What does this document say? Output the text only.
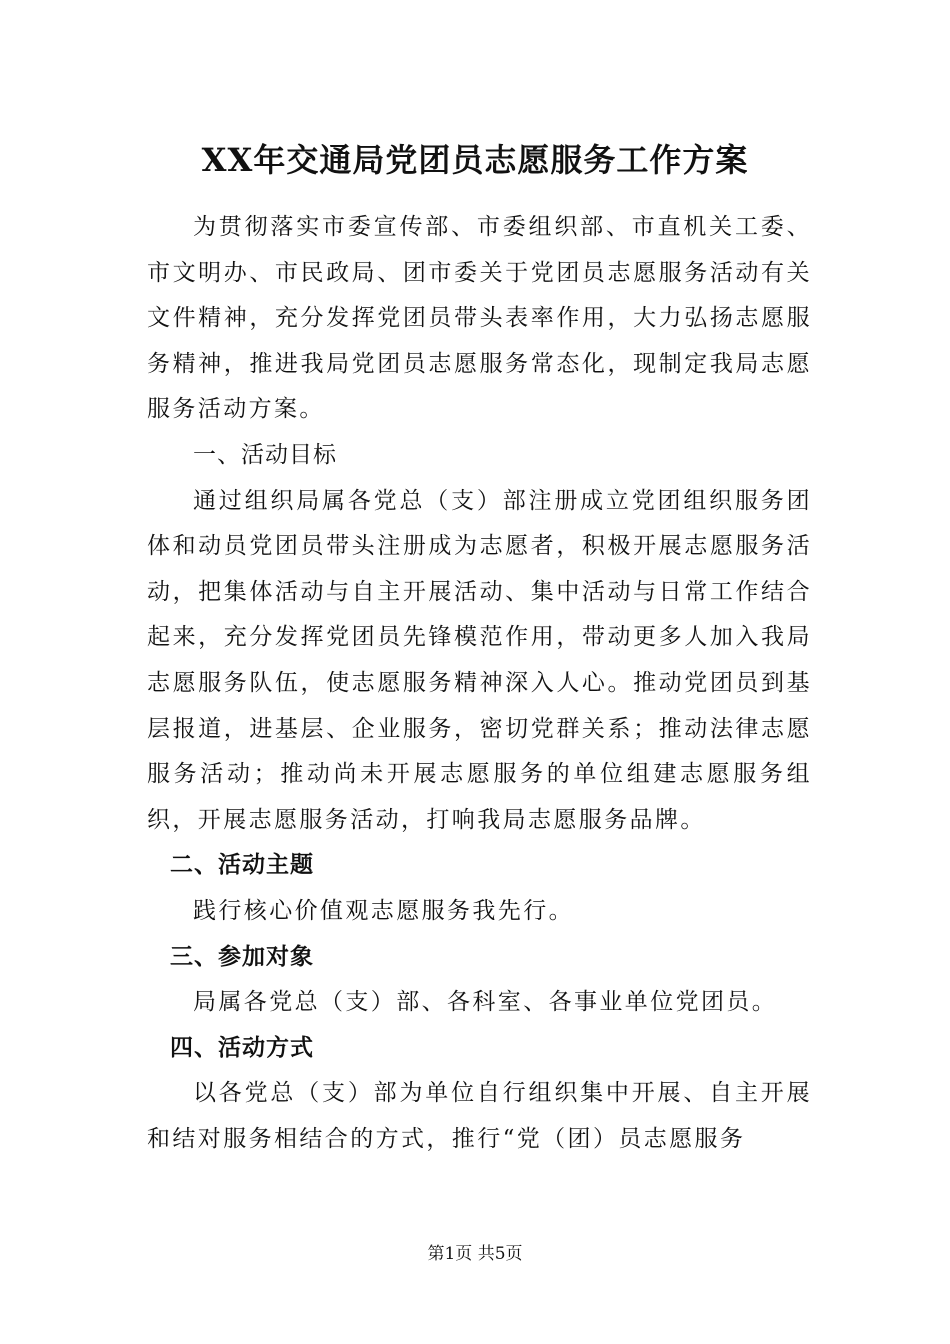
XX年交通局党团员志愿服务工作方案

为贯彻落实市委宣传部、市委组织部、市直机关工委、市文明办、市民政局、团市委关于党团员志愿服务活动有关文件精神，充分发挥党团员带头表率作用，大力弘扬志愿服务精神，推进我局党团员志愿服务常态化，现制定我局志愿服务活动方案。

一、活动目标

通过组织局属各党总（支）部注册成立党团组织服务团体和动员党团员带头注册成为志愿者，积极开展志愿服务活动，把集体活动与自主开展活动、集中活动与日常工作结合起来，充分发挥党团员先锋模范作用，带动更多人加入我局志愿服务队伍，使志愿服务精神深入人心。推动党团员到基层报道，进基层、企业服务，密切党群关系；推动法律志愿服务活动；推动尚未开展志愿服务的单位组建志愿服务组织，开展志愿服务活动，打响我局志愿服务品牌。

二、活动主题

践行核心价值观志愿服务我先行。

三、参加对象

局属各党总（支）部、各科室、各事业单位党团员。

四、活动方式

以各党总（支）部为单位自行组织集中开展、自主开展和结对服务相结合的方式，推行“党（团）员志愿服务

第1页 共5页
